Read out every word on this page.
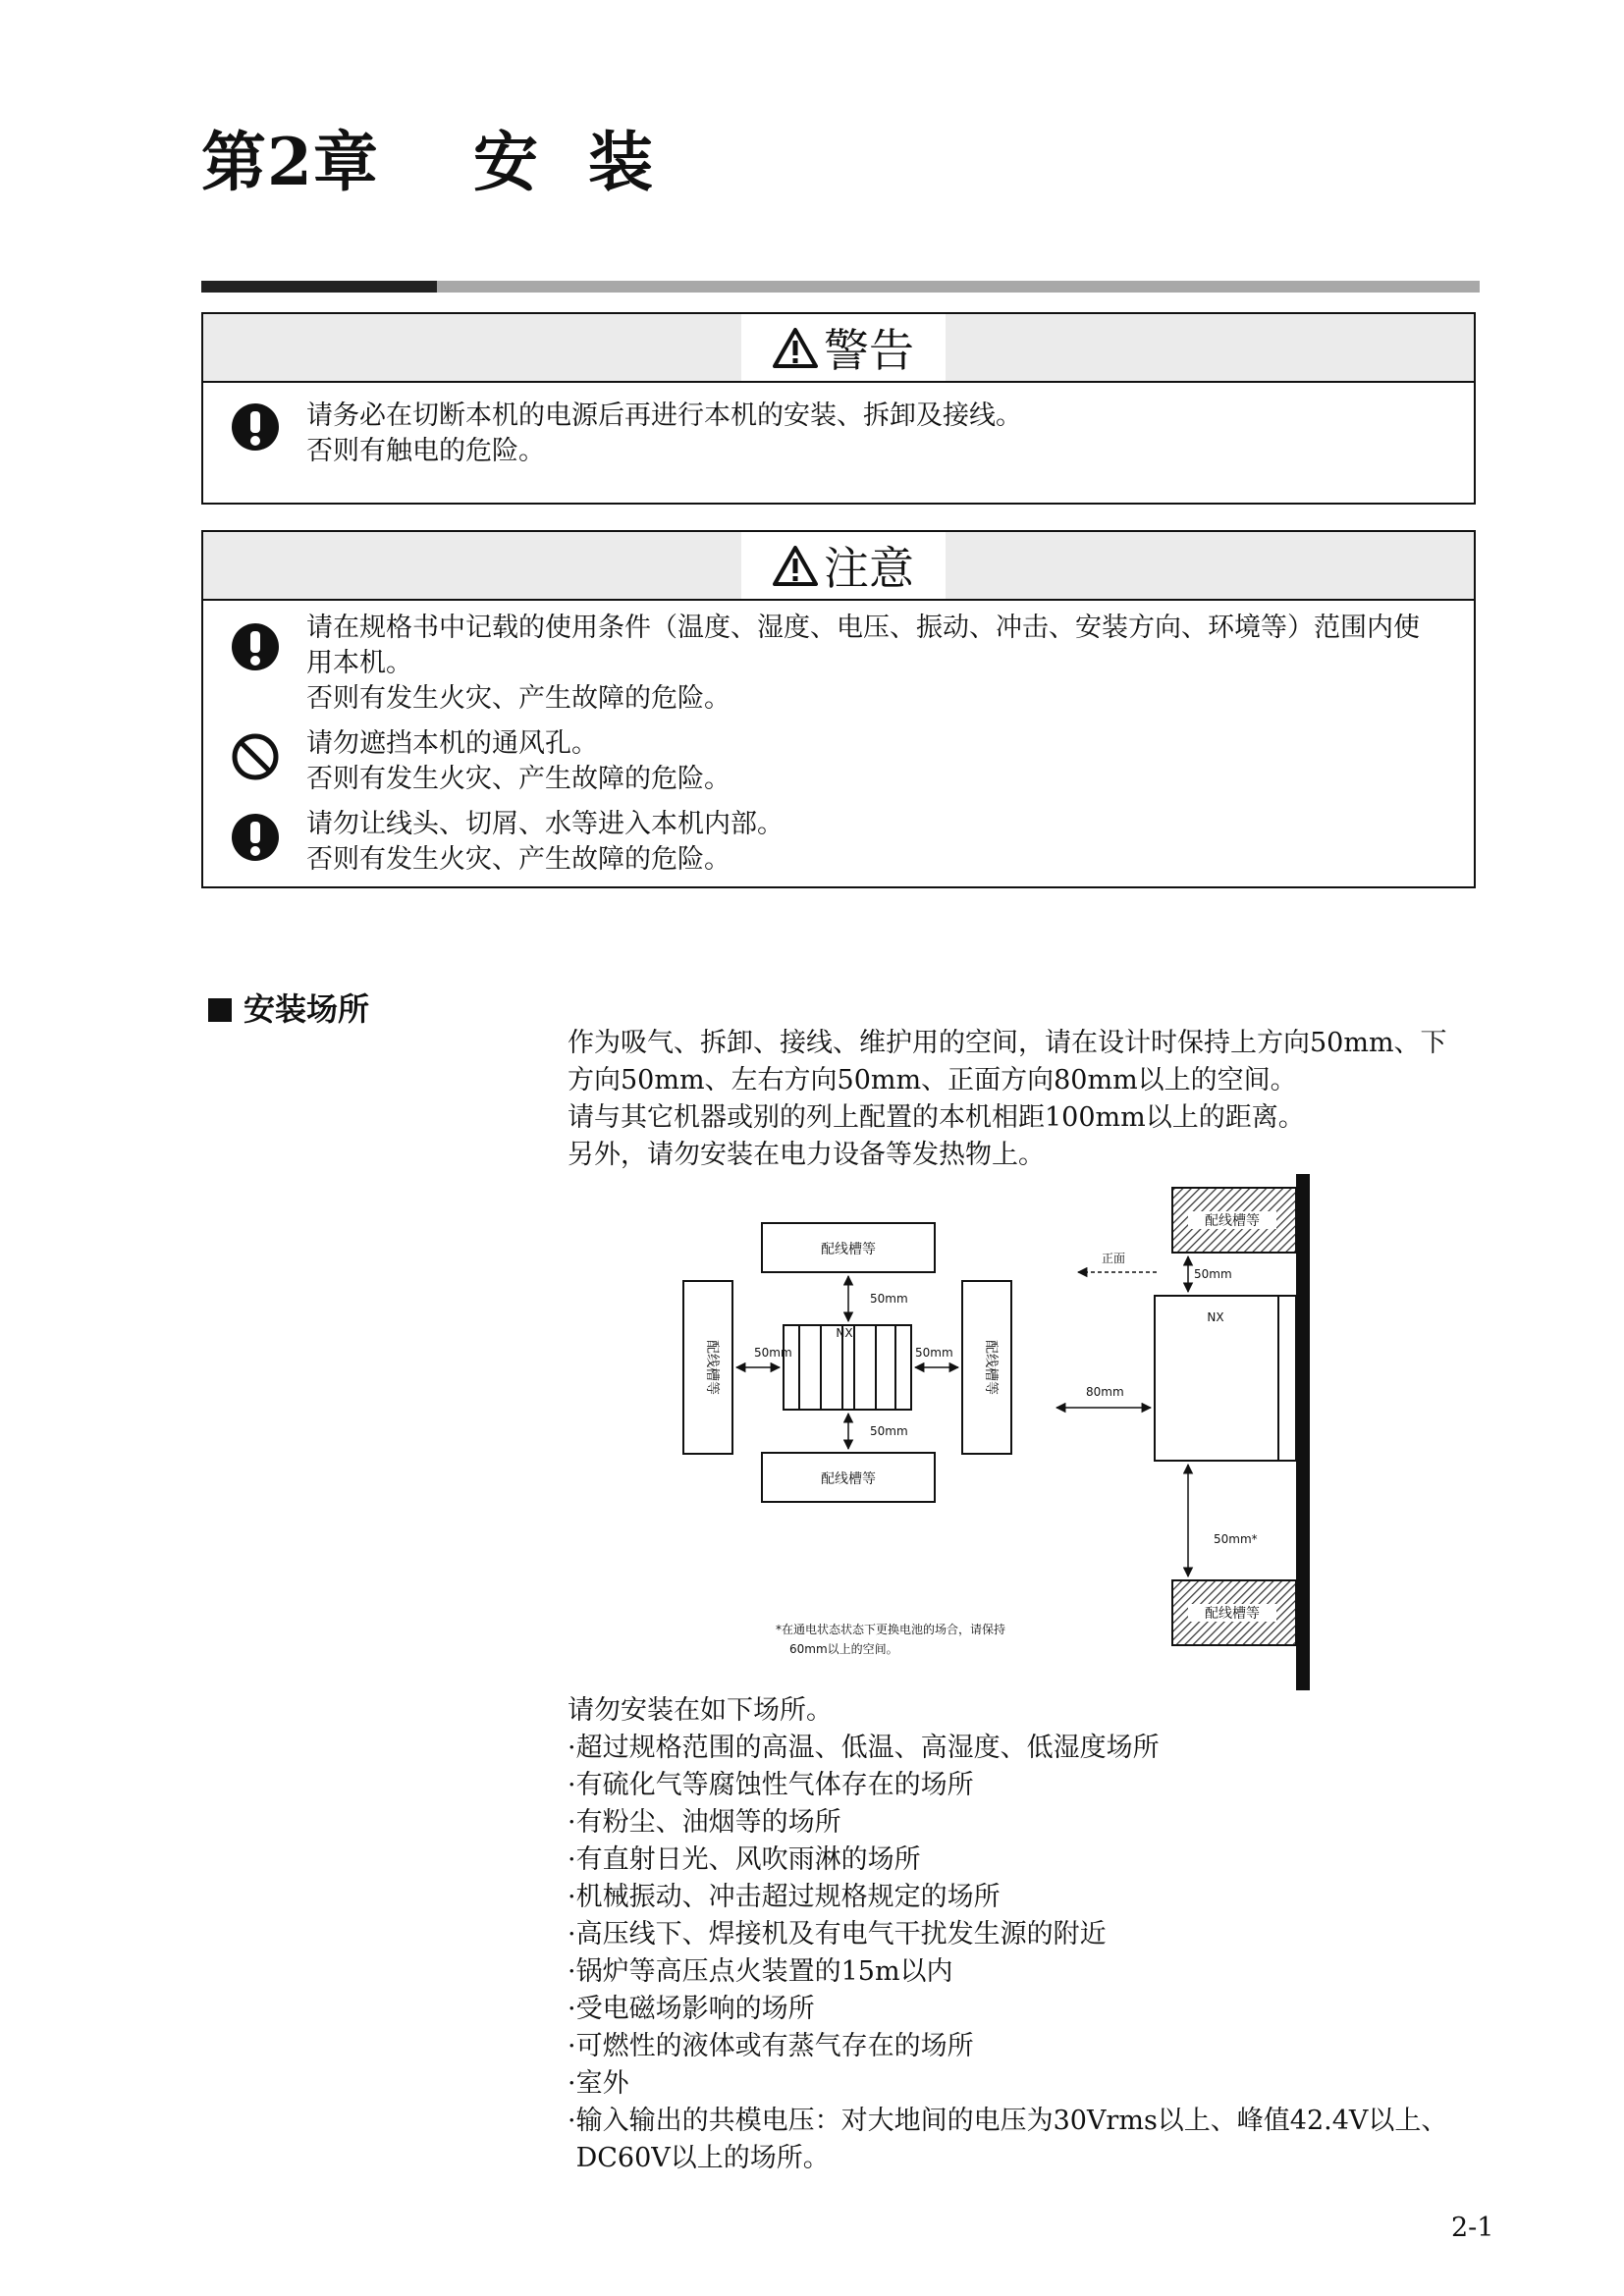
第2章 安 装
警告
请务必在切断本机的电源后再进行本机的安装、拆卸及接线。
否则有触电的危险。
注意
请在规格书中记载的使用条件（温度、湿度、电压、振动、冲击、安装方向、环境等）范围内使
用本机。
否则有发生火灾、产生故障的危险。
请勿遮挡本机的通风孔。
否则有发生火灾、产生故障的危险。
请勿让线头、切屑、水等进入本机内部。
否则有发生火灾、产生故障的危险。
安装场所
作为吸气、拆卸、接线、维护用的空间，请在设计时保持上方向50mm、下
方向50mm、左右方向50mm、正面方向80mm以上的空间。
请与其它机器或别的列上配置的本机相距100mm以上的距离。
另外，请勿安装在电力设备等发热物上。
配线槽等
配线槽等
配线槽等	配线槽等
NX
50mm
50mm
50mm	50mm
配线槽等
配线槽等
NX
50mm
50mm*
80mm
正面
*在通电状态状态下更换电池的场合，请保持
60mm以上的空间。
请勿安装在如下场所。
·超过规格范围的高温、低温、高湿度、低湿度场所
·有硫化气等腐蚀性气体存在的场所
·有粉尘、油烟等的场所
·有直射日光、风吹雨淋的场所
·机械振动、冲击超过规格规定的场所
·高压线下、焊接机及有电气干扰发生源的附近
·锅炉等高压点火装置的15m以内
·受电磁场影响的场所
·可燃性的液体或有蒸气存在的场所
·室外
·输入输出的共模电压：对大地间的电压为30Vrms以上、峰值42.4V以上、
DC60V以上的场所。
2-1
